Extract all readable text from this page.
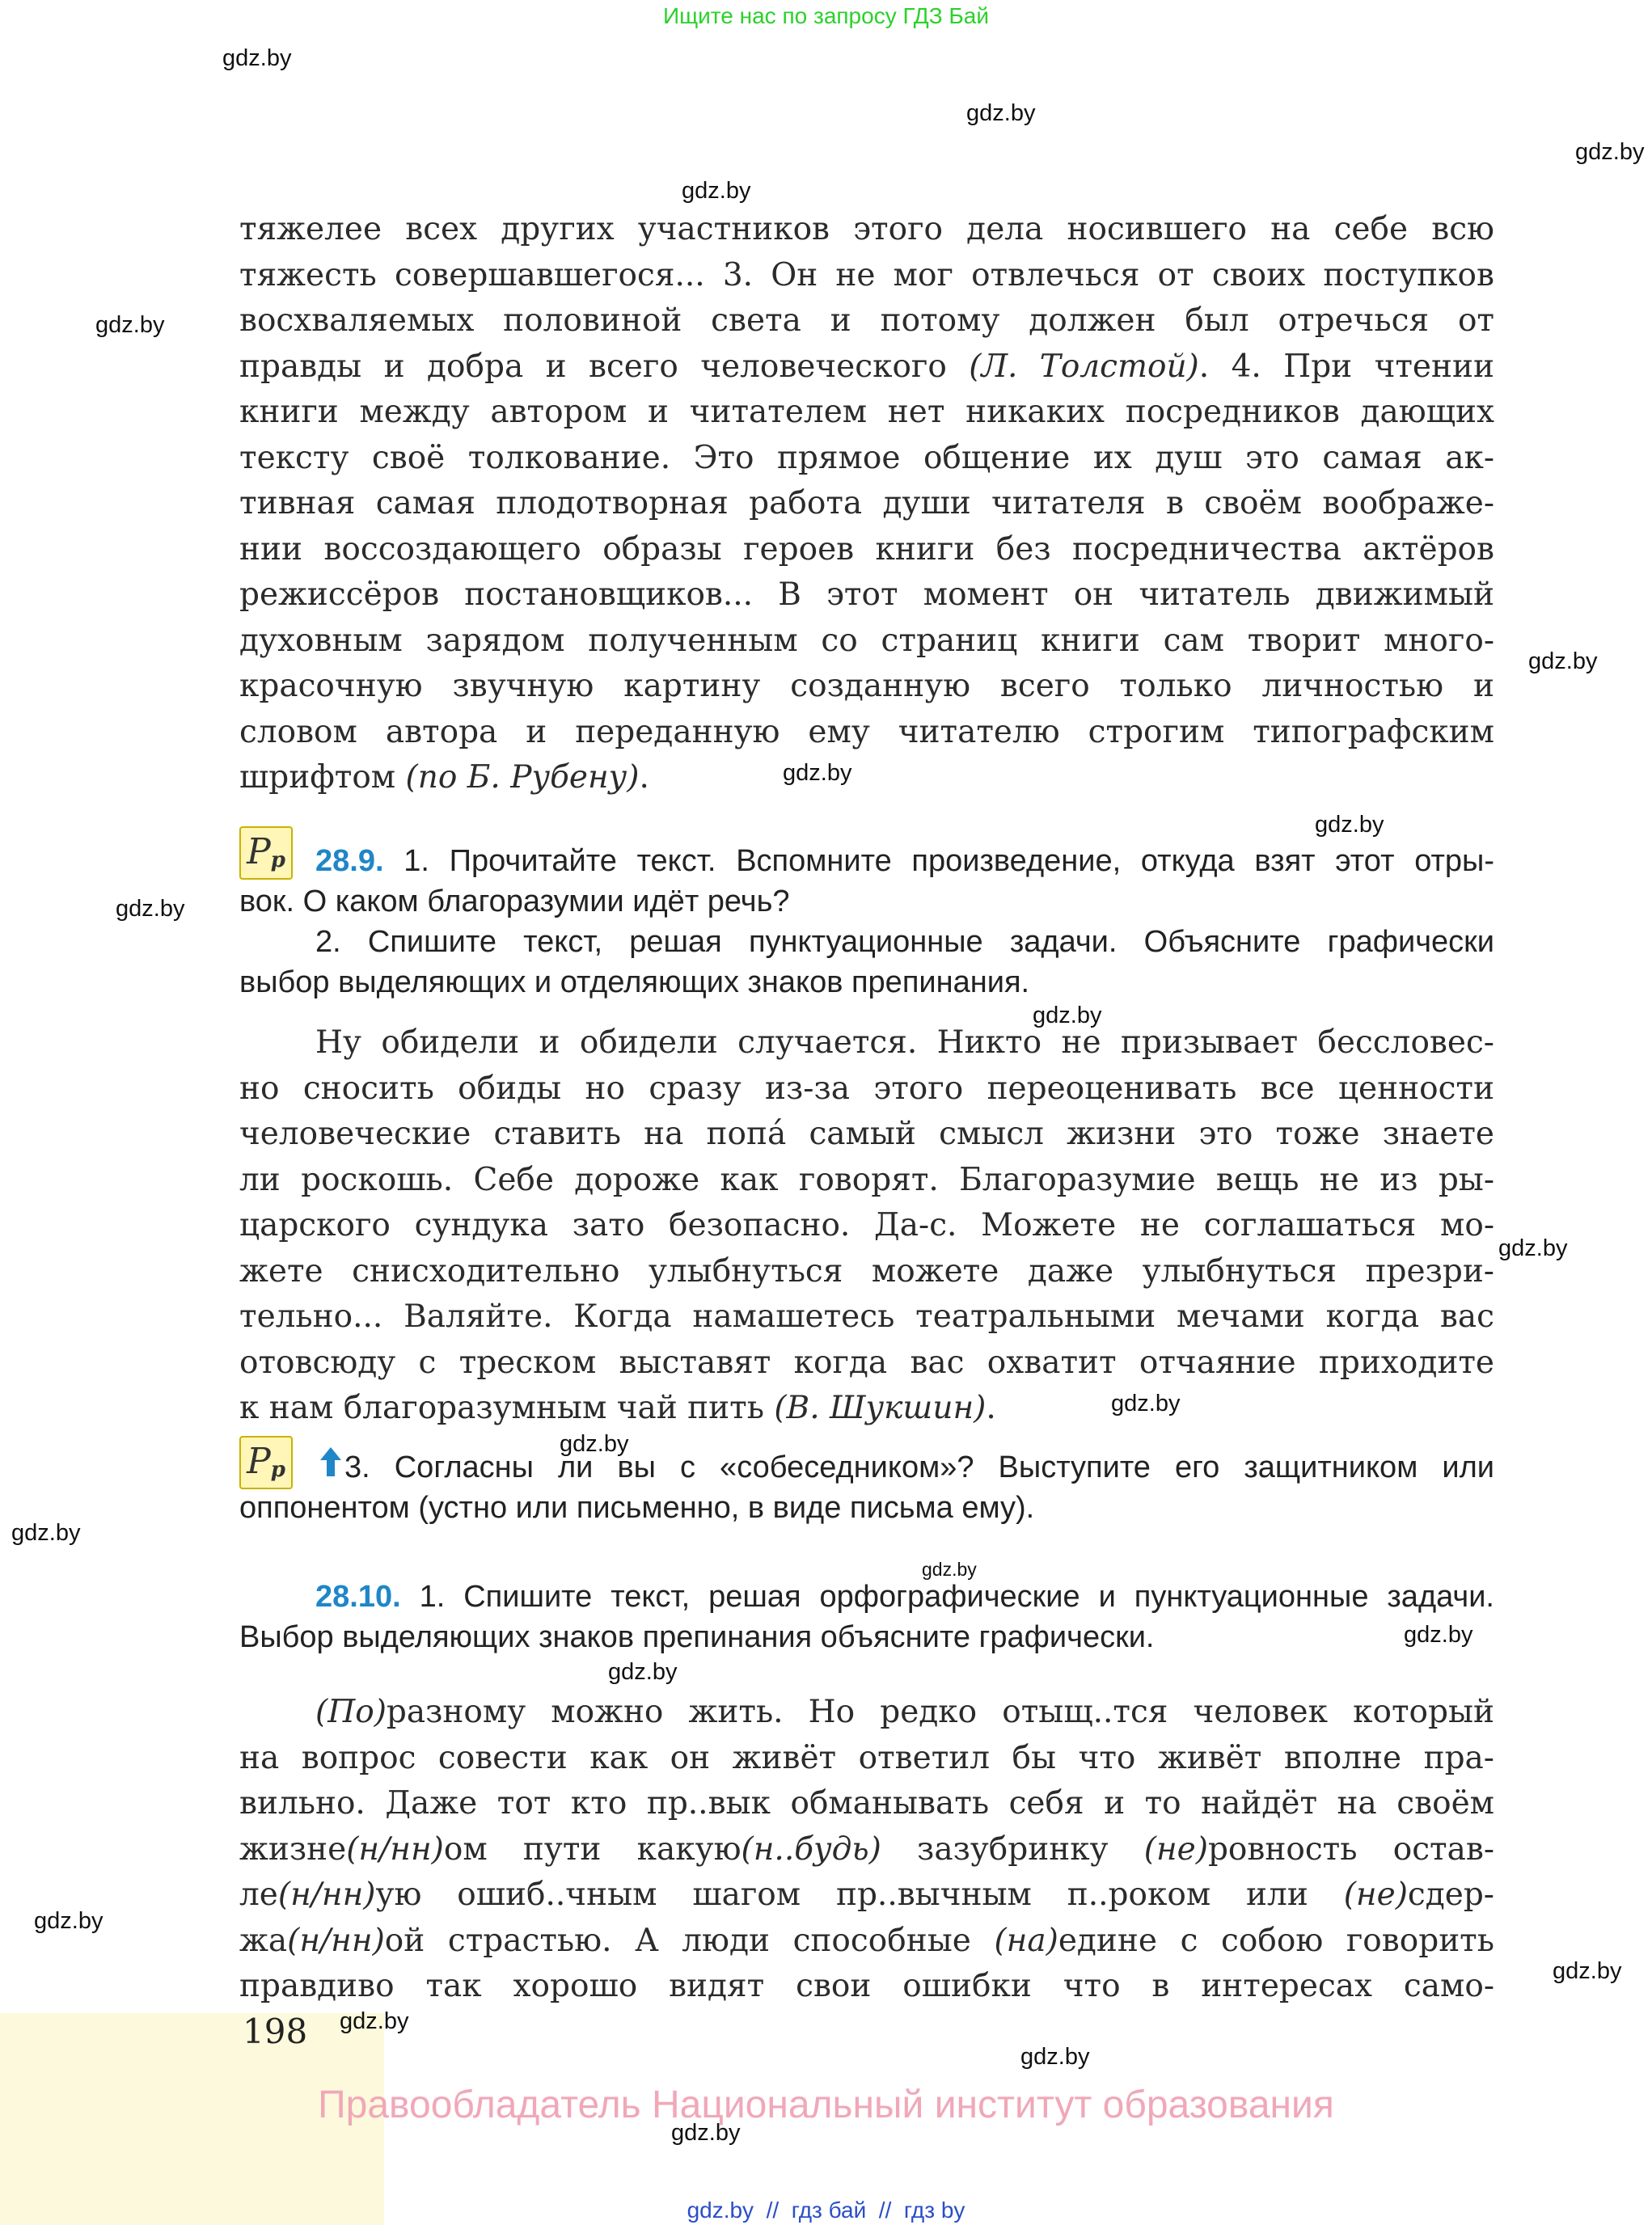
Ищите нас по запросу ГДЗ Бай
gdz.by
gdz.by
gdz.by
gdz.by
gdz.by
gdz.by
gdz.by
gdz.by
gdz.by
gdz.by
gdz.by
gdz.by
gdz.by
gdz.by
gdz.by
gdz.by
gdz.by
gdz.by
gdz.by
gdz.by
gdz.by
тяжелее всех других участников этого дела носившего на себе всю
тяжесть совершавшегося... 3. Он не мог отвлечься от своих поступков
восхваляемых половиной света и потому должен был отречься от
правды и добра и всего человеческого (Л. Толстой). 4. При чтении
книги между автором и читателем нет никаких посредников дающих
тексту своё толкование. Это прямое общение их душ это самая ак-
тивная самая плодотворная работа души читателя в своём воображе-
нии воссоздающего образы героев книги без посредничества актёров
режиссёров постановщиков... В этот момент он читатель движимый
духовным зарядом полученным со страниц книги сам творит много-
красочную звучную картину созданную всего только личностью и
словом автора и переданную ему читателю строгим типографским
шрифтом (по Б. Рубену).
$P_p$ 28.9. 1. Прочитайте текст. Вспомните произведение, откуда взят этот отры-
вок. О каком благоразумии идёт речь?
2. Спишите текст, решая пунктуационные задачи. Объясните графически
выбор выделяющих и отделяющих знаков препинания.
Ну обидели и обидели случается. Никто не призывает бессловес-
но сносить обиды но сразу из-за этого переоценивать все ценности
человеческие ставить на попа́ самый смысл жизни это тоже знаете
ли роскошь. Себе дороже как говорят. Благоразумие вещь не из ры-
царского сундука зато безопасно. Да-с. Можете не соглашаться мо-
жете снисходительно улыбнуться можете даже улыбнуться презри-
тельно... Валяйте. Когда намашетесь театральными мечами когда вас
отовсюду с треском выставят когда вас охватит отчаяние приходите
к нам благоразумным чай пить (В. Шукшин).
$P_p$	3. Согласны ли вы с «собеседником»? Выступите его защитником или
оппонентом (устно или письменно, в виде письма ему).
28.10. 1. Спишите текст, решая орфографические и пунктуационные задачи.
Выбор выделяющих знаков препинания объясните графически.
(По)разному можно жить. Но редко отыщ..тся человек который
на вопрос совести как он живёт ответил бы что живёт вполне пра-
вильно. Даже тот кто пр..вык обманывать себя и то найдёт на своём
жизне(н/нн)ом пути какую(н..будь) зазубринку (не)ровность остав-
ле(н/нн)ую ошиб..чным шагом пр..вычным п..роком или (не)сдер-
жа(н/нн)ой страстью. А люди способные (на)едине с собою говорить
правдиво так хорошо видят свои ошибки что в интересах само-
198 gdz.by
Правообладатель Национальный институт образования
gdz.by  //  гдз бай  //  гдз by
